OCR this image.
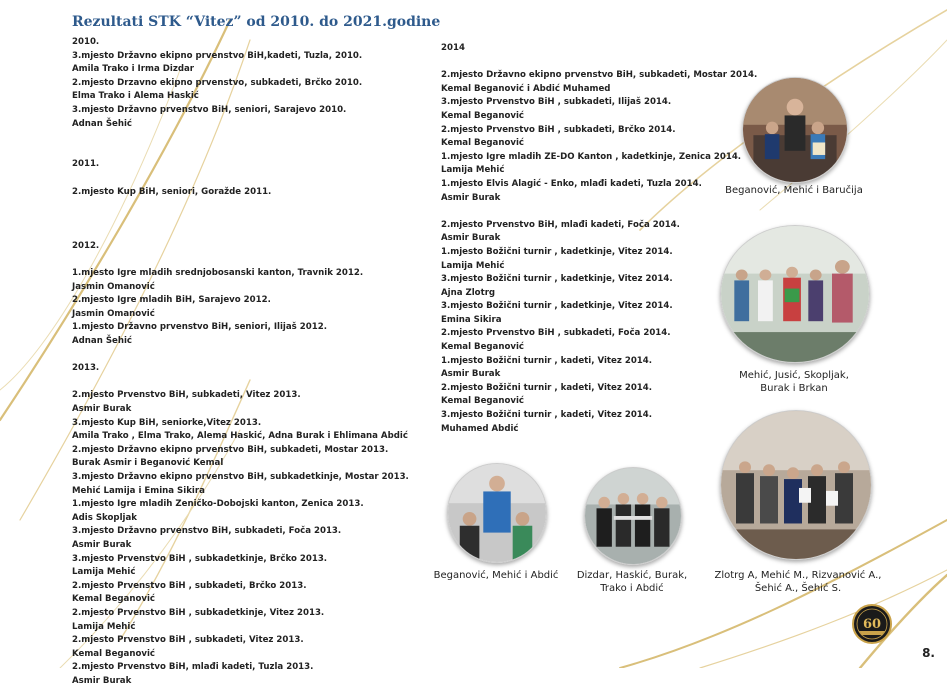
Rezultati STK “Vitez” od 2010. do 2021.godine
2010.
3.mjesto Državno ekipno prvenstvo BiH,kadeti, Tuzla, 2010.
Amila Trako i Irma Dizdar
2.mjesto Drzavno ekipno prvenstvo, subkadeti, Brčko 2010.
Elma Trako i Alema Haskić
3.mjesto Državno prvenstvo BiH, seniori, Sarajevo 2010.
Adnan Šehić
2011.
2.mjesto Kup BiH, seniori, Goražde 2011.
2012.
1.mjesto Igre mladih srednjobosanski kanton, Travnik 2012.
Jasmin Omanović
2.mjesto Igre mladih BiH, Sarajevo 2012.
Jasmin Omanović
1.mjesto Državno prvenstvo BiH, seniori, Ilijaš 2012.
Adnan Šehić
2013.
2.mjesto Prvenstvo BiH, subkadeti, Vitez 2013.
Asmir Burak
3.mjesto Kup BiH, seniorke,Vitez 2013.
Amila Trako , Elma Trako, Alema Haskić, Adna Burak i Ehlimana Abdić
2.mjesto Državno ekipno prvenstvo BiH, subkadeti, Mostar 2013.
Burak Asmir i Beganović Kemal
3.mjesto Državno ekipno prvenstvo BiH, subkadetkinje, Mostar 2013.
Mehić Lamija i Emina Sikira
1.mjesto Igre mladih Zeničko-Dobojski kanton, Zenica 2013.
Adis Skopljak
3.mjesto Državno prvenstvo BiH, subkadeti, Foča 2013.
Asmir Burak
3.mjesto Prvenstvo BiH , subkadetkinje, Brčko 2013.
Lamija Mehić
2.mjesto Prvenstvo BiH , subkadeti, Brčko 2013.
Kemal Beganović
2.mjesto Prvenstvo BiH , subkadetkinje, Vitez 2013.
Lamija Mehić
2.mjesto Prvenstvo BiH , subkadeti, Vitez 2013.
Kemal Beganović
2.mjesto Prvenstvo BiH, mlađi kadeti, Tuzla 2013.
Asmir Burak
2014
2.mjesto Državno ekipno prvenstvo BiH, subkadeti, Mostar 2014.
Kemal Beganović i Abdić Muhamed
3.mjesto Prvenstvo BiH , subkadeti, Ilijaš 2014.
Kemal Beganović
2.mjesto Prvenstvo BiH , subkadeti, Brčko 2014.
Kemal Beganović
1.mjesto Igre mladih ZE-DO Kanton , kadetkinje, Zenica 2014.
Lamija Mehić
1.mjesto Elvis Alagić - Enko, mlađi kadeti, Tuzla 2014.
Asmir Burak
2.mjesto Prvenstvo BiH, mlađi kadeti, Foča 2014.
Asmir Burak
1.mjesto Božični turnir , kadetkinje, Vitez 2014.
Lamija Mehić
3.mjesto Božični turnir , kadetkinje, Vitez 2014.
Ajna Zlotrg
3.mjesto Božični turnir , kadetkinje, Vitez 2014.
Emina Sikira
2.mjesto Prvenstvo BiH , subkadeti, Foča 2014.
Kemal Beganović
1.mjesto Božični turnir , kadeti, Vitez 2014.
Asmir Burak
2.mjesto Božični turnir , kadeti, Vitez 2014.
Kemal Beganović
3.mjesto Božični turnir , kadeti, Vitez 2014.
Muhamed Abdić
Beganović, Mehić i Baručija
Mehić, Jusić, Skopljak,
Burak i Brkan
Beganović, Mehić i Abdić	Dizdar, Haskić, Burak,
Trako i Abdić
Zlotrg A, Mehić M., Rizvanović A.,
Šehić A., Šehić S.
60
8.
